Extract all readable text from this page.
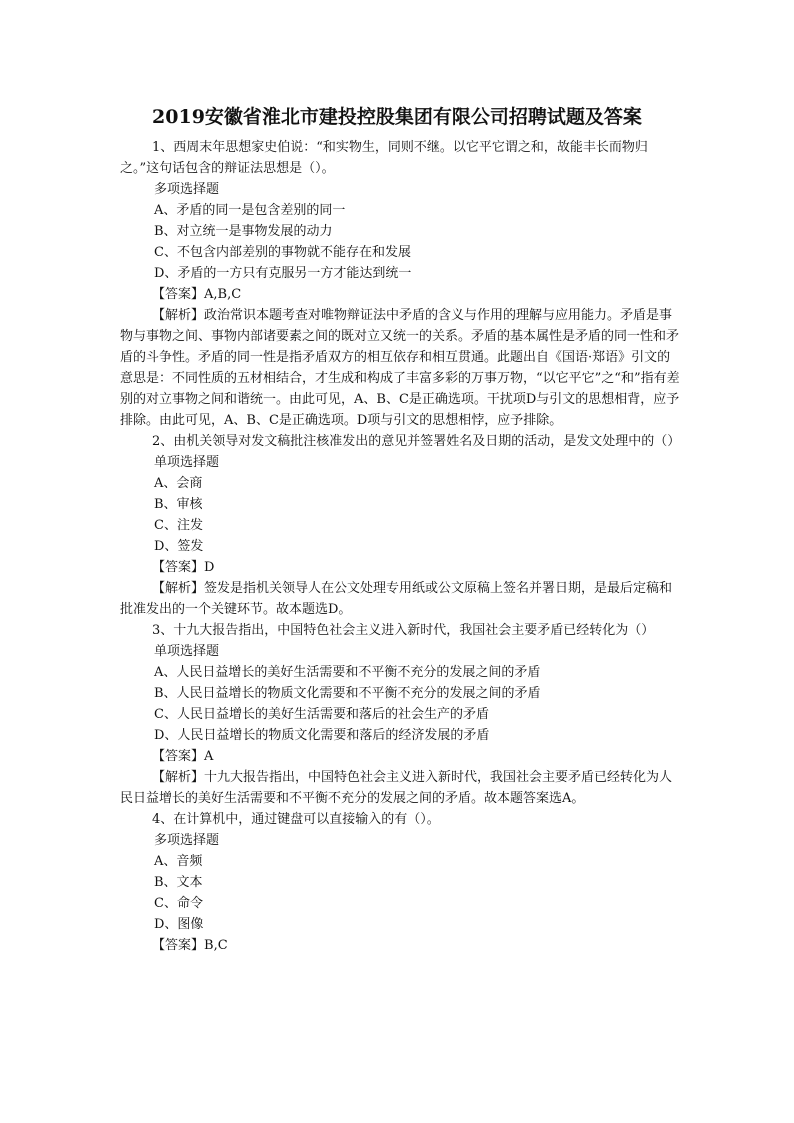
2019安徽省淮北市建投控股集团有限公司招聘试题及答案
1、西周末年思想家史伯说：“和实物生，同则不继。以它平它谓之和，故能丰长而物归之。”这句话包含的辩证法思想是（）。
多项选择题
A、矛盾的同一是包含差别的同一
B、对立统一是事物发展的动力
C、不包含内部差别的事物就不能存在和发展
D、矛盾的一方只有克服另一方才能达到统一
【答案】A,B,C
【解析】政治常识本题考查对唯物辩证法中矛盾的含义与作用的理解与应用能力。矛盾是事物与事物之间、事物内部诸要素之间的既对立又统一的关系。矛盾的基本属性是矛盾的同一性和矛盾的斗争性。矛盾的同一性是指矛盾双方的相互依存和相互贯通。此题出自《国语·郑语》引文的意思是：不同性质的五材相结合，才生成和构成了丰富多彩的万事万物，“以它平它”之“和”指有差别的对立事物之间和谐统一。由此可见，A、B、C是正确选项。干扰项D与引文的思想相背，应予排除。由此可见，A、B、C是正确选项。D项与引文的思想相悖，应予排除。
2、由机关领导对发文稿批注核准发出的意见并签署姓名及日期的活动，是发文处理中的（）
单项选择题
A、会商
B、审核
C、注发
D、签发
【答案】D
【解析】签发是指机关领导人在公文处理专用纸或公文原稿上签名并署日期，是最后定稿和批准发出的一个关键环节。故本题选D。
3、十九大报告指出，中国特色社会主义进入新时代，我国社会主要矛盾已经转化为（）
单项选择题
A、人民日益增长的美好生活需要和不平衡不充分的发展之间的矛盾
B、人民日益增长的物质文化需要和不平衡不充分的发展之间的矛盾
C、人民日益增长的美好生活需要和落后的社会生产的矛盾
D、人民日益增长的物质文化需要和落后的经济发展的矛盾
【答案】A
【解析】十九大报告指出，中国特色社会主义进入新时代，我国社会主要矛盾已经转化为人民日益增长的美好生活需要和不平衡不充分的发展之间的矛盾。故本题答案选A。
4、在计算机中，通过键盘可以直接输入的有（）。
多项选择题
A、音频
B、文本
C、命令
D、图像
【答案】B,C
